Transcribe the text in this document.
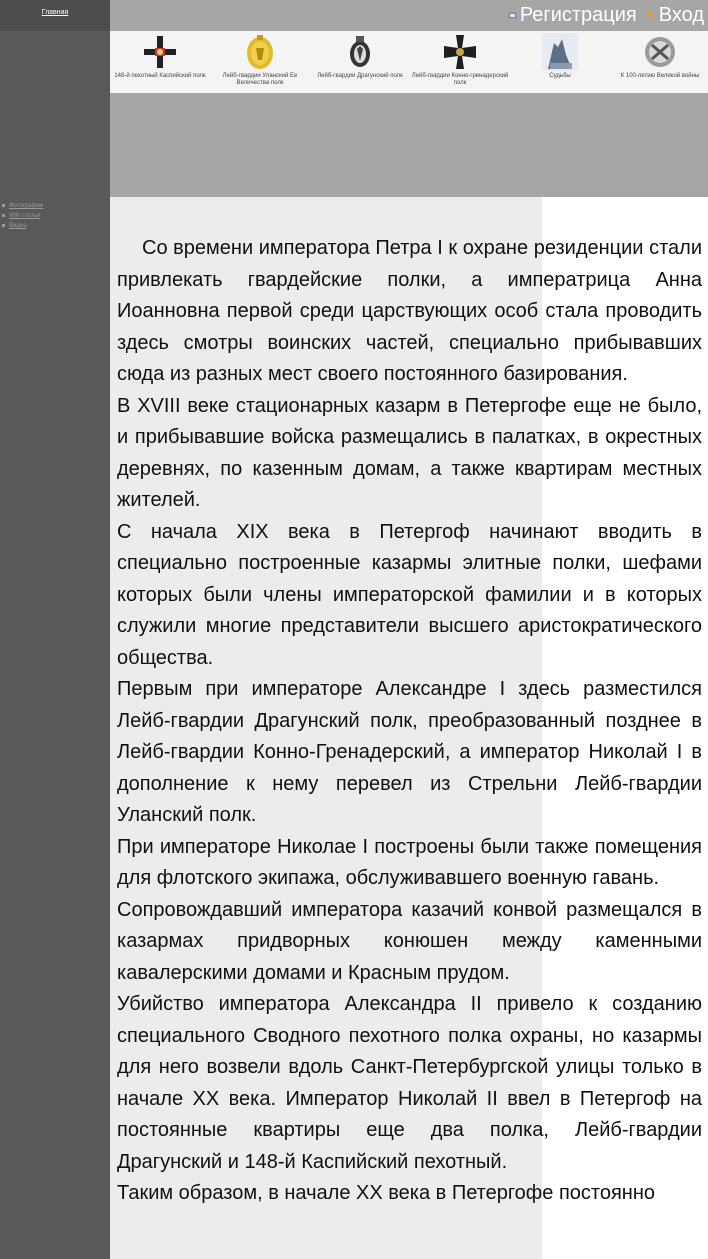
Главная
Фотографии
Wiki статьи
Видео
Регистрация Вход
148-й пехотный Каспийский полк	Лейб-гвардии Уланский Ее Величества полк
Лейб-гвардии Драгунский полк	Лейб-гвардии Конно-гренадерский полк
Судьбы	К 100-летию Великой войны

Со времени императора Петра I к охране резиденции стали привлекать гвардейские полки, а императрица Анна Иоанновна первой среди царствующих особ стала проводить здесь смотры воинских частей, специально прибывавших сюда из разных мест своего постоянного базирования.

В XVIII веке стационарных казарм в Петергофе еще не было, и прибывавшие войска размещались в палатках, в окрестных деревнях, по казенным домам, а также квартирам местных жителей.

С начала XIX века в Петергоф начинают вводить в специально построенные казармы элитные полки, шефами которых были члены императорской фамилии и в которых служили многие представители высшего аристократического общества.

Первым при императоре Александре I здесь разместился Лейб-гвардии Драгунский полк, преобразованный позднее в Лейб-гвардии Конно-Гренадерский, а император Николай I в дополнение к нему перевел из Стрельни Лейб-гвардии Уланский полк.

При императоре Николае I построены были также помещения для флотского экипажа, обслуживавшего военную гавань.

Сопровождавший императора казачий конвой размещался в казармах придворных конюшен между каменными кавалерскими домами и Красным прудом.

Убийство императора Александра II привело к созданию специального Сводного пехотного полка охраны, но казармы для него возвели вдоль Санкт-Петербургской улицы только в начале XX века. Император Николай II ввел в Петергоф на постоянные квартиры еще два полка, Лейб-гвардии Драгунский и 148-й Каспийский пехотный.

Таким образом, в начале XX века в Петергофе постоянно
